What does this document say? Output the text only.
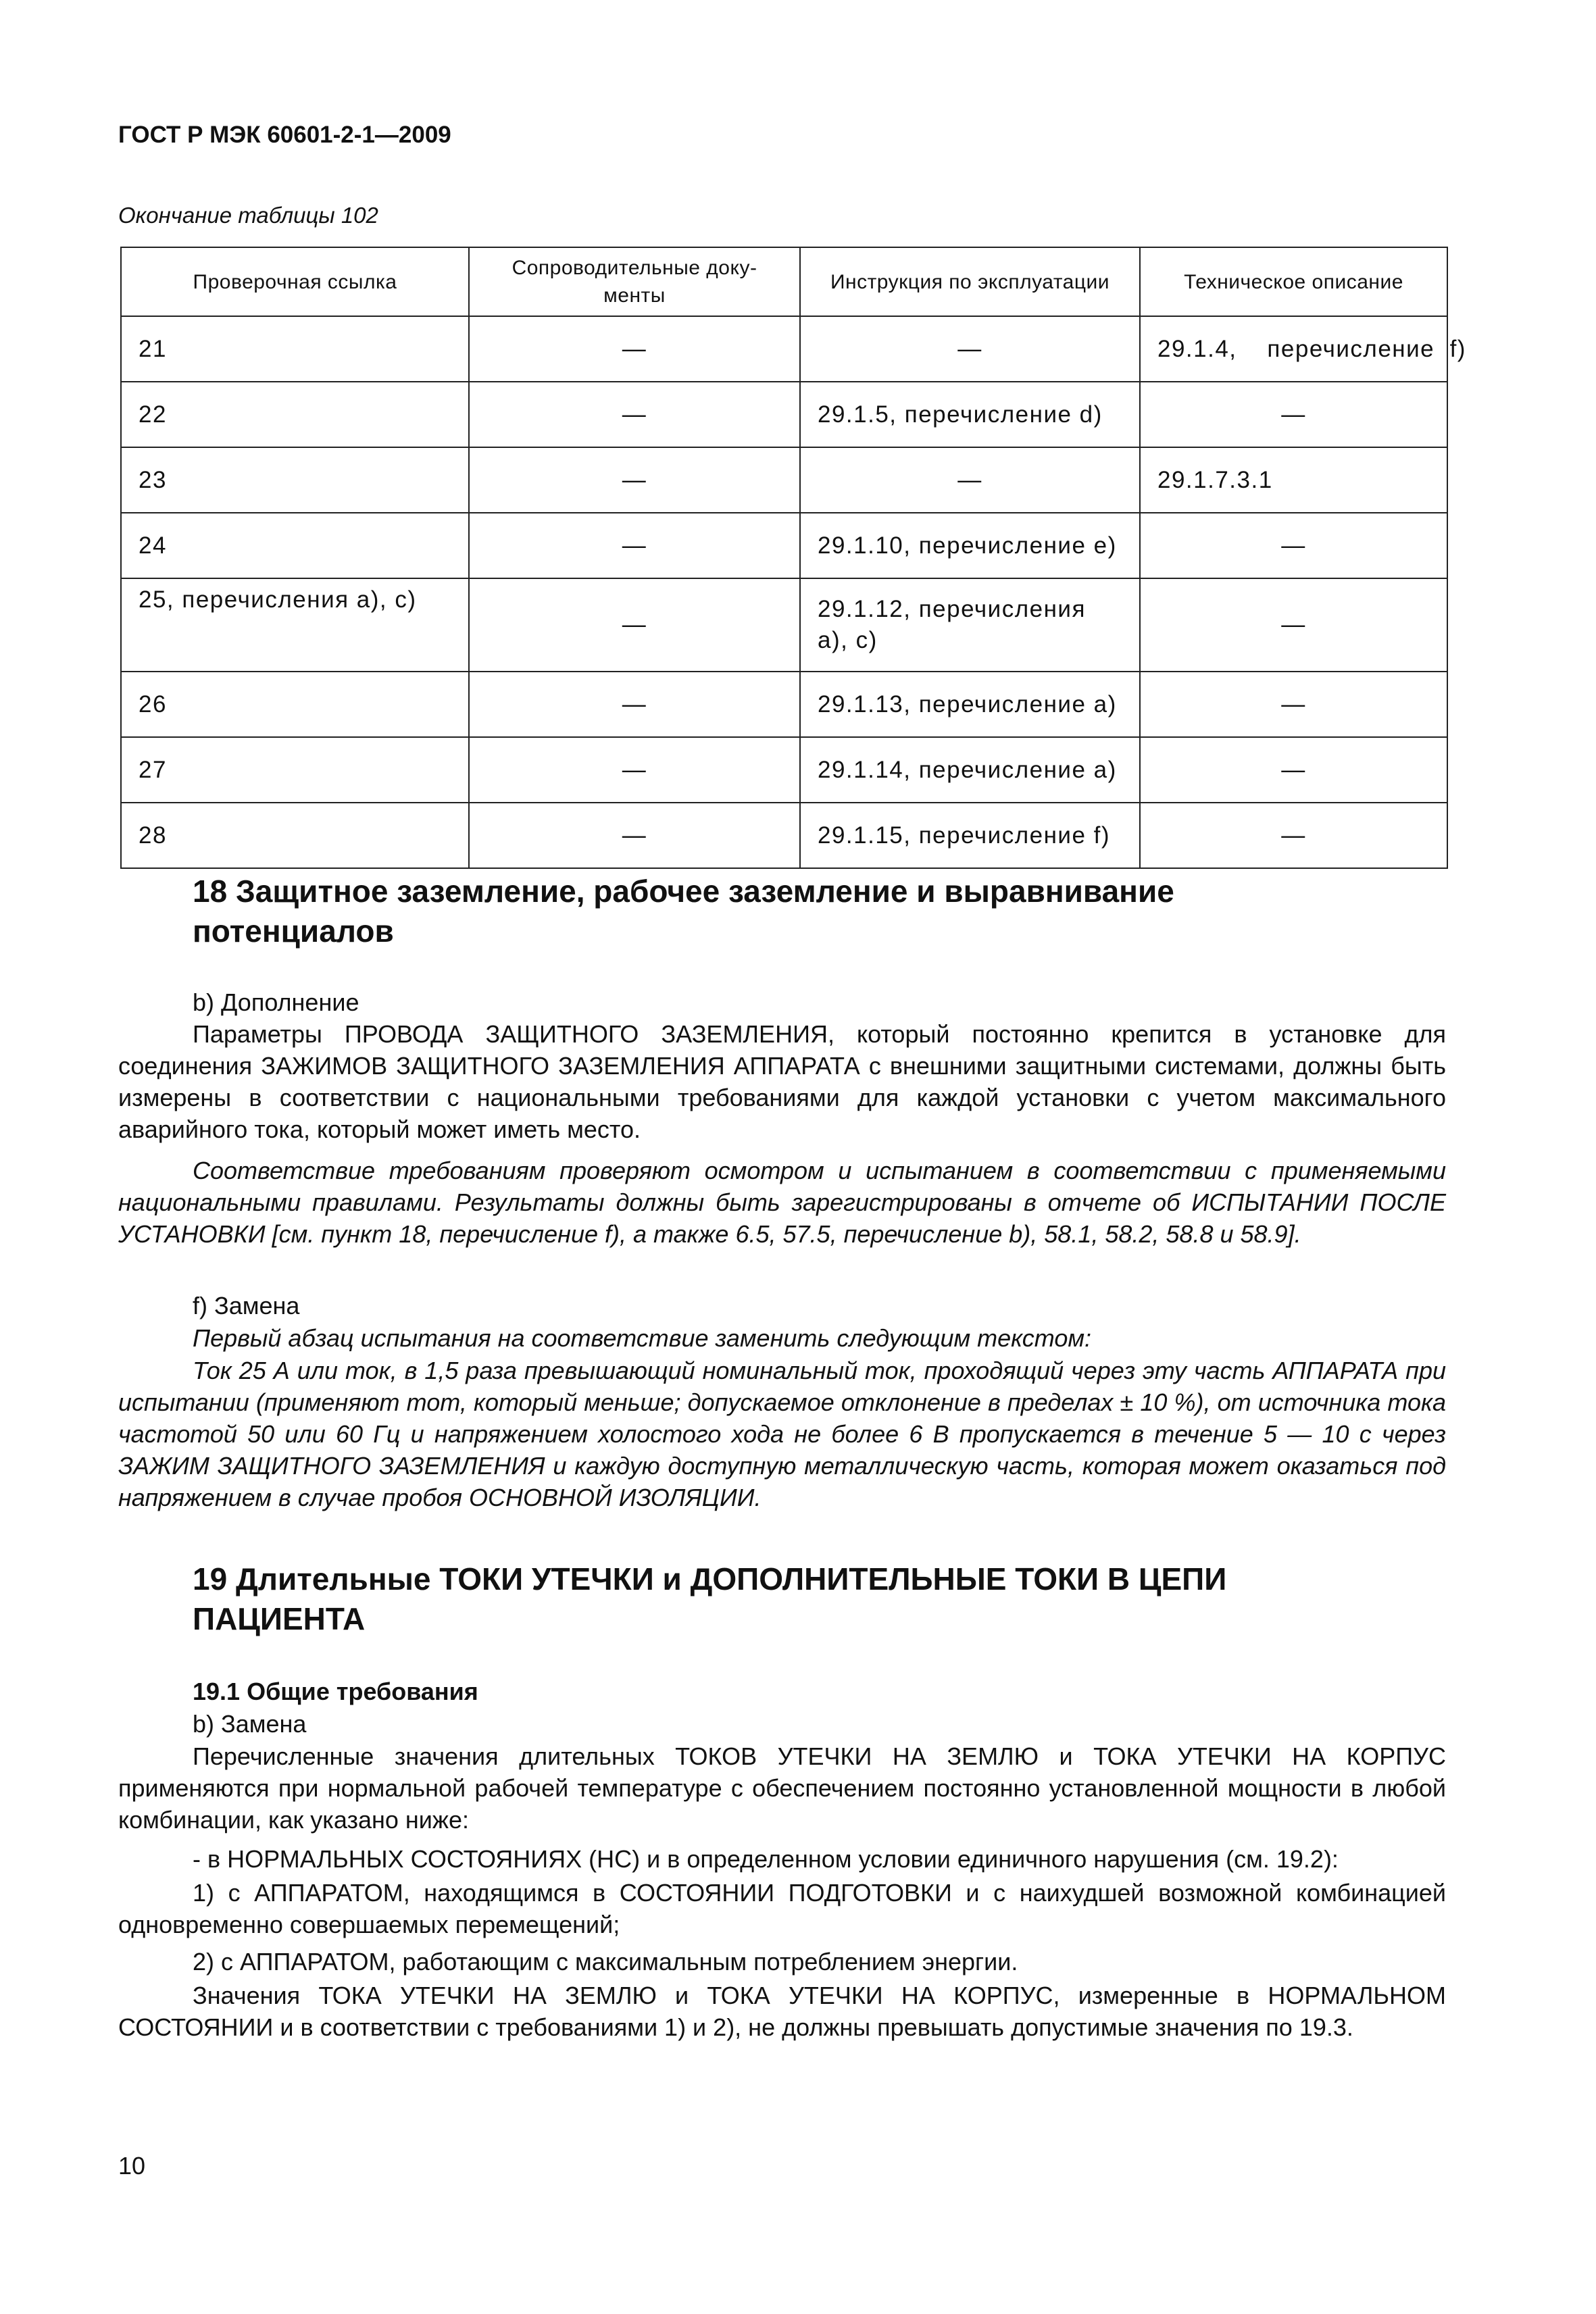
ГОСТ Р МЭК 60601-2-1—2009
Окончание таблицы 102
Проверочная ссылка	Сопроводительные доку- менты	Инструкция по эксплуатации	Техническое описание
21	—	—	29.1.4,    перечисление  f)
22	—	29.1.5, перечисление d)	—
23	—	—	29.1.7.3.1
24	—	29.1.10, перечисление е)	—
25, перечисления а), с)	—	29.1.12, перечисления а), с)	—
26	—	29.1.13, перечисление а)	—
27	—	29.1.14, перечисление а)	—
28	—	29.1.15, перечисление f)	—
18 Защитное заземление, рабочее заземление и выравнивание потенциалов
b) Дополнение
Параметры ПРОВОДА ЗАЩИТНОГО ЗАЗЕМЛЕНИЯ, который постоянно крепится в установке для соединения ЗАЖИМОВ ЗАЩИТНОГО ЗАЗЕМЛЕНИЯ АППАРАТА с внешними защитными системами, должны быть измерены в соответствии с национальными требованиями для каждой установки с учетом максимального аварийного тока, который может иметь место.
Соответствие требованиям проверяют осмотром и испытанием в соответствии с применяемыми национальными правилами. Результаты должны быть зарегистрированы в отчете об ИСПЫТАНИИ ПОСЛЕ УСТАНОВКИ [см. пункт 18, перечисление f), а также 6.5, 57.5, перечисление b), 58.1, 58.2, 58.8 и 58.9].
f) Замена
Первый абзац испытания на соответствие заменить следующим текстом:
Ток 25 А или ток, в 1,5 раза превышающий номинальный ток, проходящий через эту часть АППАРАТА при испытании (применяют тот, который меньше; допускаемое отклонение в пределах ± 10 %), от источника тока частотой 50 или 60 Гц и напряжением холостого хода не более 6 В пропускается в течение 5 — 10 с через ЗАЖИМ ЗАЩИТНОГО ЗАЗЕМЛЕНИЯ и каждую доступную металлическую часть, которая может оказаться под напряжением в случае пробоя ОСНОВНОЙ ИЗОЛЯЦИИ.
19 Длительные ТОКИ УТЕЧКИ и ДОПОЛНИТЕЛЬНЫЕ ТОКИ В ЦЕПИ ПАЦИЕНТА
19.1 Общие требования
b) Замена
Перечисленные значения длительных ТОКОВ УТЕЧКИ НА ЗЕМЛЮ и ТОКА УТЕЧКИ НА КОРПУС применяются при нормальной рабочей температуре с обеспечением постоянно установленной мощности в любой комбинации, как указано ниже:
- в НОРМАЛЬНЫХ СОСТОЯНИЯХ (НС) и в определенном условии единичного нарушения (см. 19.2):
1) с АППАРАТОМ, находящимся в СОСТОЯНИИ ПОДГОТОВКИ и с наихудшей возможной комбинацией одновременно совершаемых перемещений;
2) с АППАРАТОМ, работающим с максимальным потреблением энергии.
Значения ТОКА УТЕЧКИ НА ЗЕМЛЮ и ТОКА УТЕЧКИ НА КОРПУС, измеренные в НОРМАЛЬНОМ СОСТОЯНИИ и в соответствии с требованиями 1) и 2), не должны превышать допустимые значения по 19.3.
10
